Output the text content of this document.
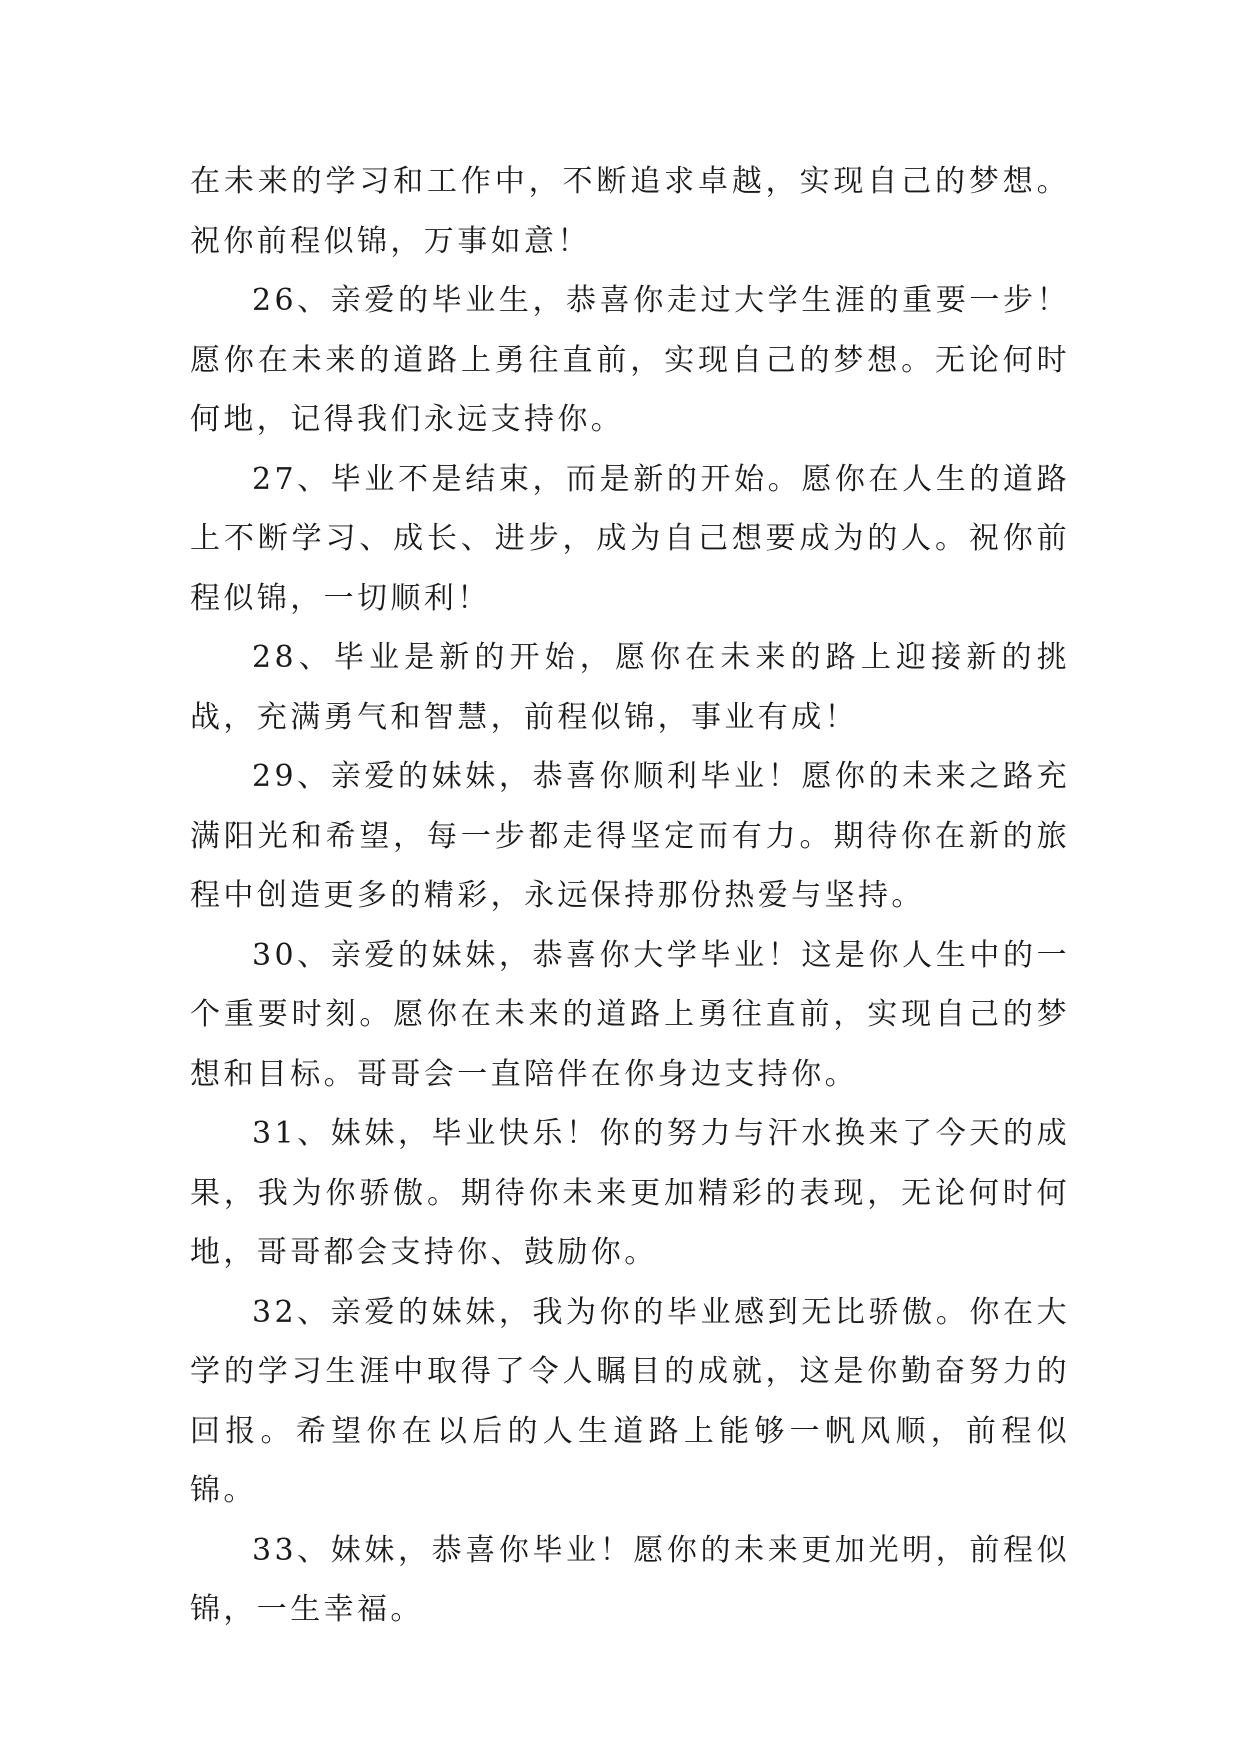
在未来的学习和工作中，不断追求卓越，实现自己的梦想。祝你前程似锦，万事如意！

26、亲爱的毕业生，恭喜你走过大学生涯的重要一步！愿你在未来的道路上勇往直前，实现自己的梦想。无论何时何地，记得我们永远支持你。

27、毕业不是结束，而是新的开始。愿你在人生的道路上不断学习、成长、进步，成为自己想要成为的人。祝你前程似锦，一切顺利！

28、毕业是新的开始，愿你在未来的路上迎接新的挑战，充满勇气和智慧，前程似锦，事业有成！

29、亲爱的妹妹，恭喜你顺利毕业！愿你的未来之路充满阳光和希望，每一步都走得坚定而有力。期待你在新的旅程中创造更多的精彩，永远保持那份热爱与坚持。

30、亲爱的妹妹，恭喜你大学毕业！这是你人生中的一个重要时刻。愿你在未来的道路上勇往直前，实现自己的梦想和目标。哥哥会一直陪伴在你身边支持你。

31、妹妹，毕业快乐！你的努力与汗水换来了今天的成果，我为你骄傲。期待你未来更加精彩的表现，无论何时何地，哥哥都会支持你、鼓励你。

32、亲爱的妹妹，我为你的毕业感到无比骄傲。你在大学的学习生涯中取得了令人瞩目的成就，这是你勤奋努力的回报。希望你在以后的人生道路上能够一帆风顺，前程似锦。

33、妹妹，恭喜你毕业！愿你的未来更加光明，前程似锦，一生幸福。
